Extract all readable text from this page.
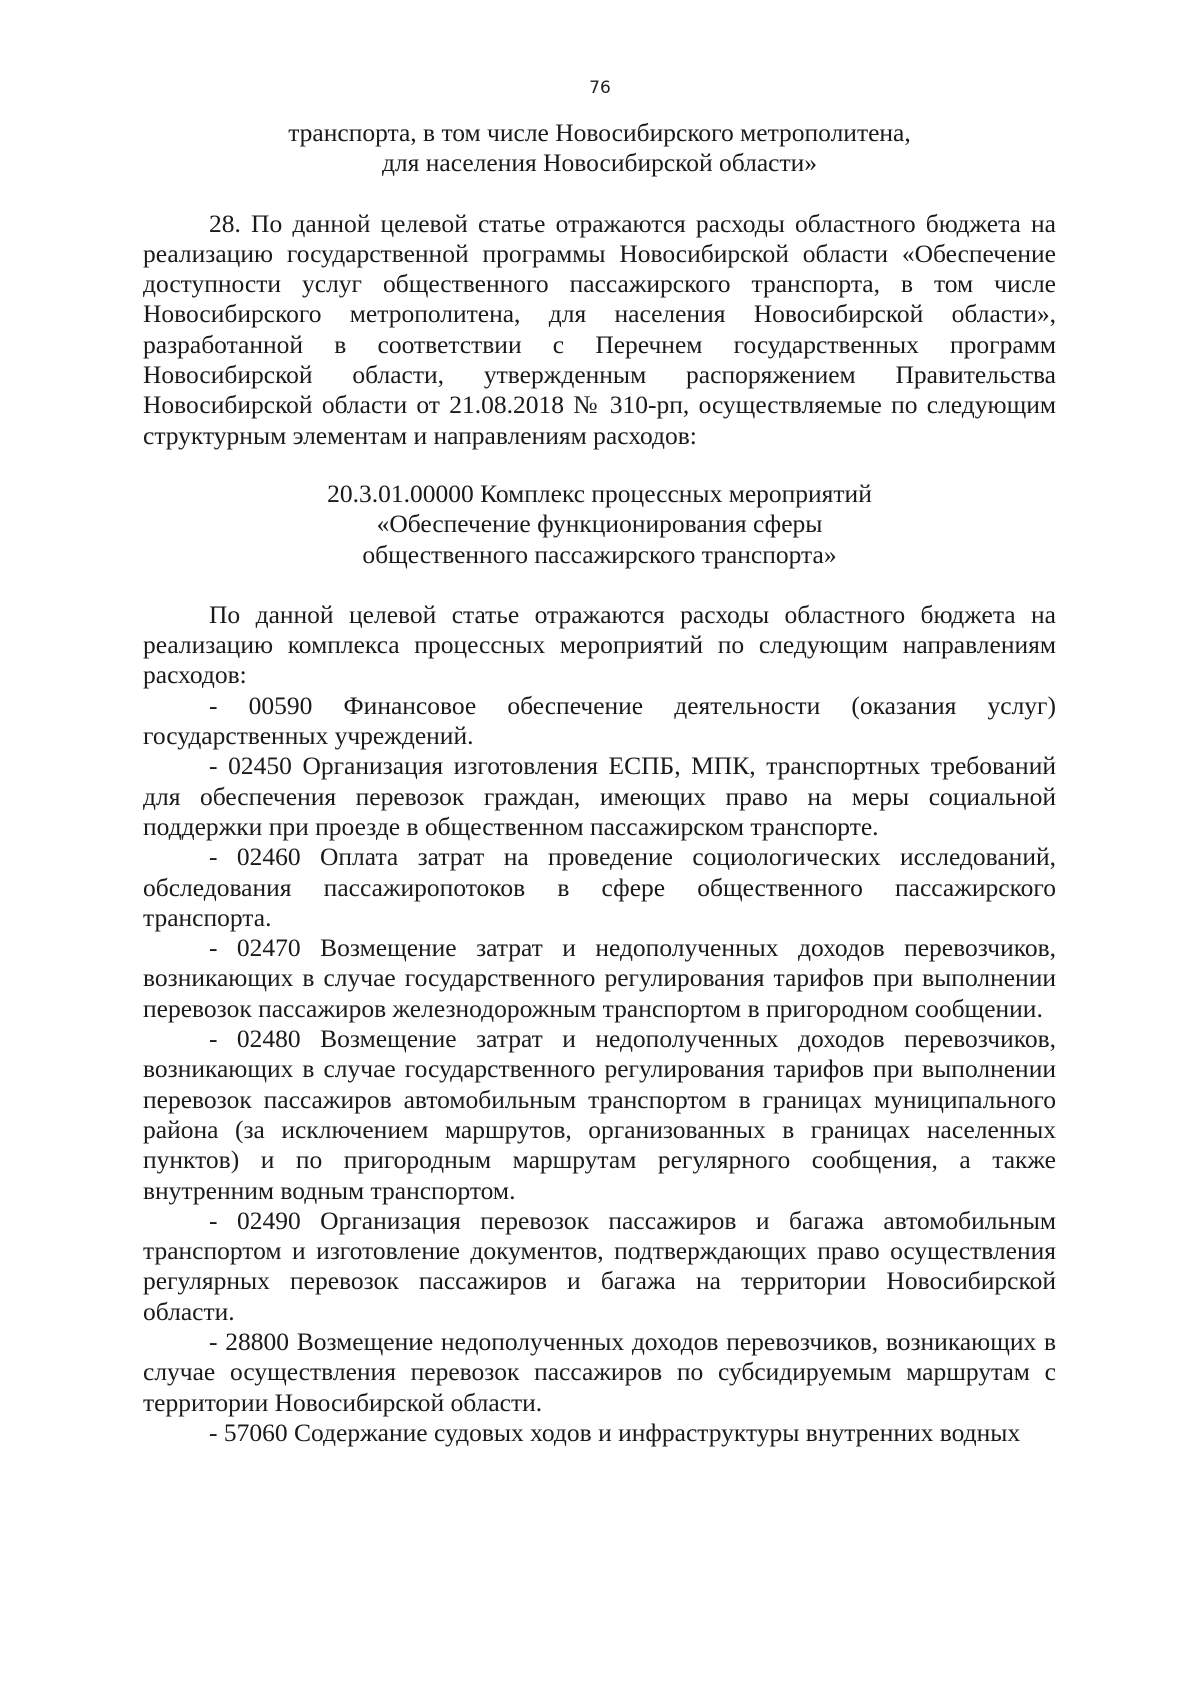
76
транспорта, в том числе Новосибирского метрополитена,
для населения Новосибирской области»

28. По данной целевой статье отражаются расходы областного бюджета на реализацию государственной программы Новосибирской области «Обеспечение доступности услуг общественного пассажирского транспорта, в том числе Новосибирского метрополитена, для населения Новосибирской области», разработанной в соответствии с Перечнем государственных программ Новосибирской области, утвержденным распоряжением Правительства Новосибирской области от 21.08.2018 № 310-рп, осуществляемые по следующим структурным элементам и направлениям расходов:

20.3.01.00000 Комплекс процессных мероприятий
«Обеспечение функционирования сферы
общественного пассажирского транспорта»

По данной целевой статье отражаются расходы областного бюджета на реализацию комплекса процессных мероприятий по следующим направлениям расходов:

- 00590 Финансовое обеспечение деятельности (оказания услуг) государственных учреждений.

- 02450 Организация изготовления ЕСПБ, МПК, транспортных требований для обеспечения перевозок граждан, имеющих право на меры социальной поддержки при проезде в общественном пассажирском транспорте.

- 02460 Оплата затрат на проведение социологических исследований, обследования пассажиропотоков в сфере общественного пассажирского транспорта.

- 02470 Возмещение затрат и недополученных доходов перевозчиков, возникающих в случае государственного регулирования тарифов при выполнении перевозок пассажиров железнодорожным транспортом в пригородном сообщении.

- 02480 Возмещение затрат и недополученных доходов перевозчиков, возникающих в случае государственного регулирования тарифов при выполнении перевозок пассажиров автомобильным транспортом в границах муниципального района (за исключением маршрутов, организованных в границах населенных пунктов) и по пригородным маршрутам регулярного сообщения, а также внутренним водным транспортом.

- 02490 Организация перевозок пассажиров и багажа автомобильным транспортом и изготовление документов, подтверждающих право осуществления регулярных перевозок пассажиров и багажа на территории Новосибирской области.

- 28800 Возмещение недополученных доходов перевозчиков, возникающих в случае осуществления перевозок пассажиров по субсидируемым маршрутам с территории Новосибирской области.

- 57060 Содержание судовых ходов и инфраструктуры внутренних водных
